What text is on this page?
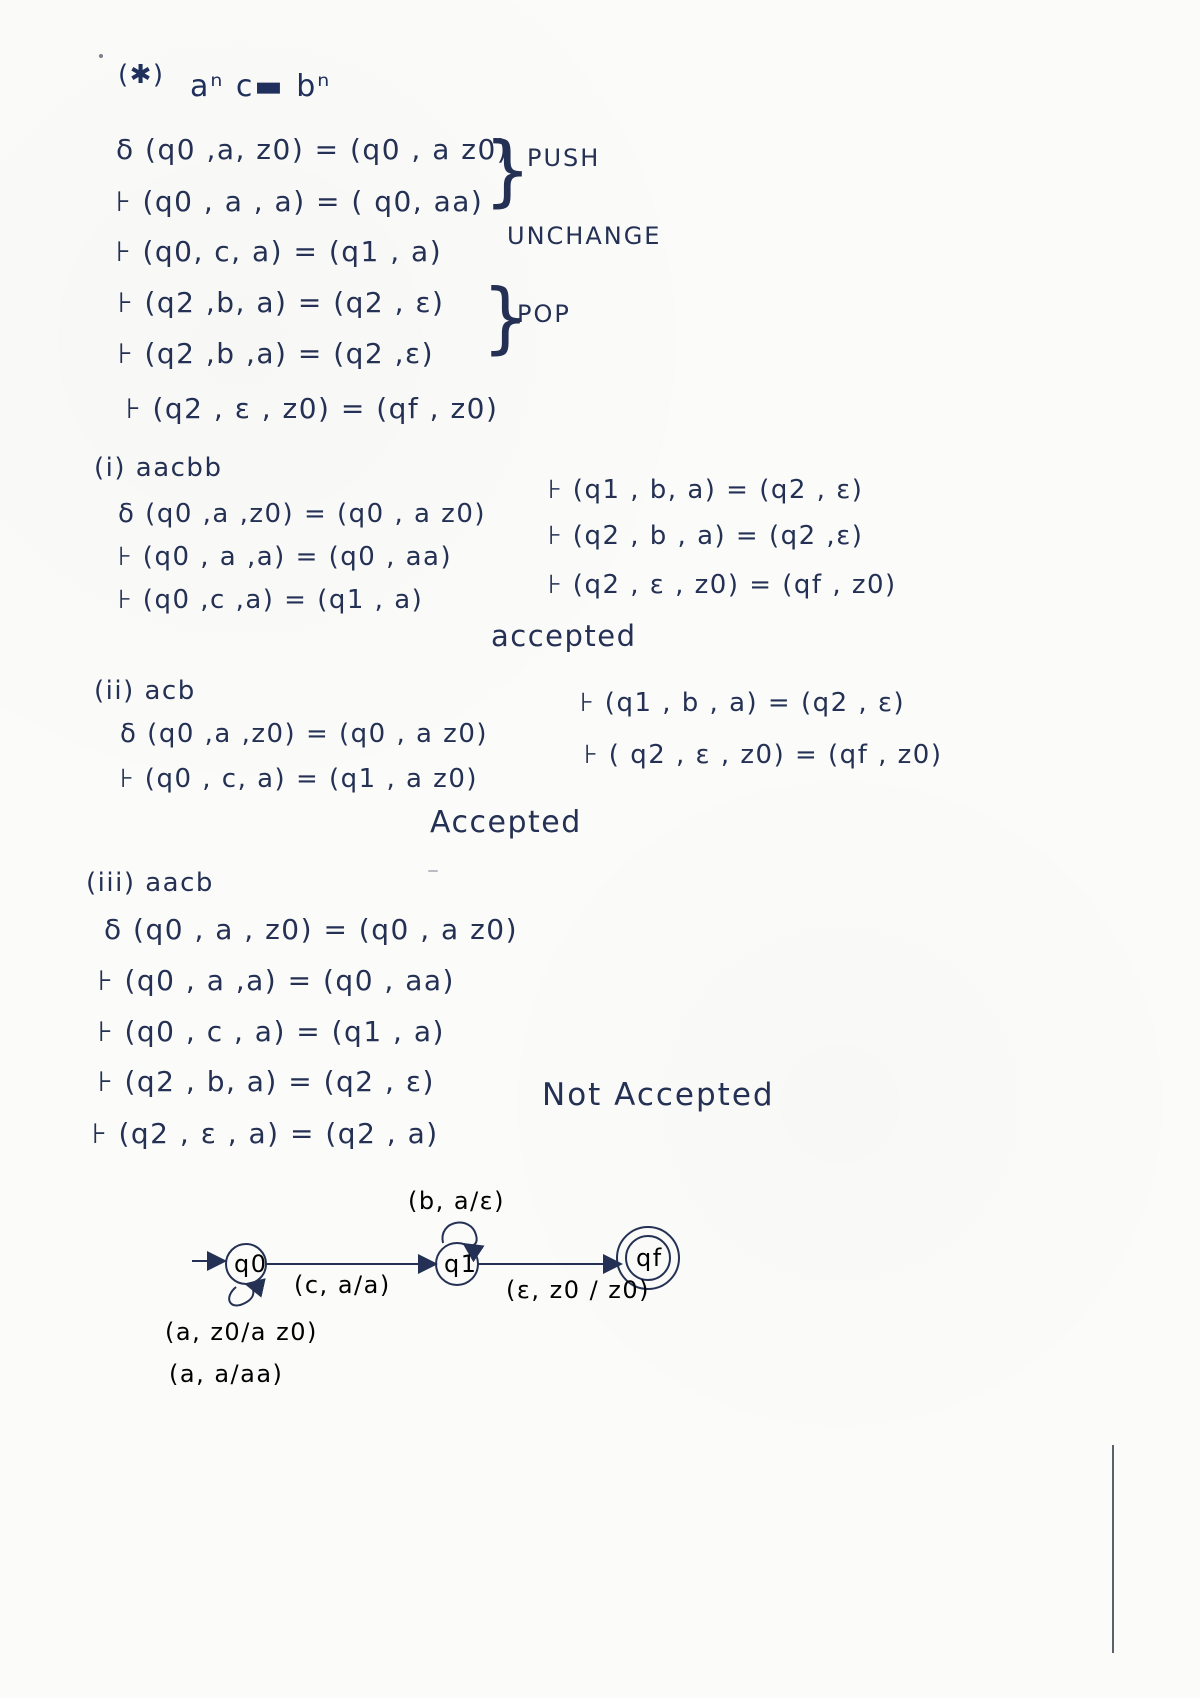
(✱) aⁿ c▬ bⁿ
δ (q0 ,a, z0) = (q0 , a z0)
⊦ (q0 , a , a) = ( q0, aa)
⊦ (q0, c, a) = (q1 , a)
⊦ (q2 ,b, a) = (q2 , ε)
⊦ (q2 ,b ,a) = (q2 ,ε)
⊦ (q2 , ε , z0) = (qf , z0)
}
PUSH
UNCHANGE
}
POP
(i) aacbb
δ (q0 ,a ,z0) = (q0 , a z0)
⊦ (q0 , a ,a) = (q0 , aa)
⊦ (q0 ,c ,a) = (q1 , a)
⊦ (q1 , b, a) = (q2 , ε)
⊦ (q2 , b , a) = (q2 ,ε)
⊦ (q2 , ε , z0) = (qf , z0)
accepted
(ii) acb
δ (q0 ,a ,z0) = (q0 , a z0)
⊦ (q0 , c, a) = (q1 , a z0)
⊦ (q1 , b , a) = (q2 , ε)
⊦ ( q2 , ε , z0) = (qf , z0)
Accepted
(iii) aacb
δ (q0 , a , z0) = (q0 , a z0)
⊦ (q0 , a ,a) = (q0 , aa)
⊦ (q0 , c , a) = (q1 , a)
⊦ (q2 , b, a) = (q2 , ε)
⊦ (q2 , ε , a) = (q2 , a)
Not Accepted
q0	q1	qf
(b, a/ε)
(c, a/a)	(ε, z0 / z0)
(a, z0/a z0)
(a, a/aa)
